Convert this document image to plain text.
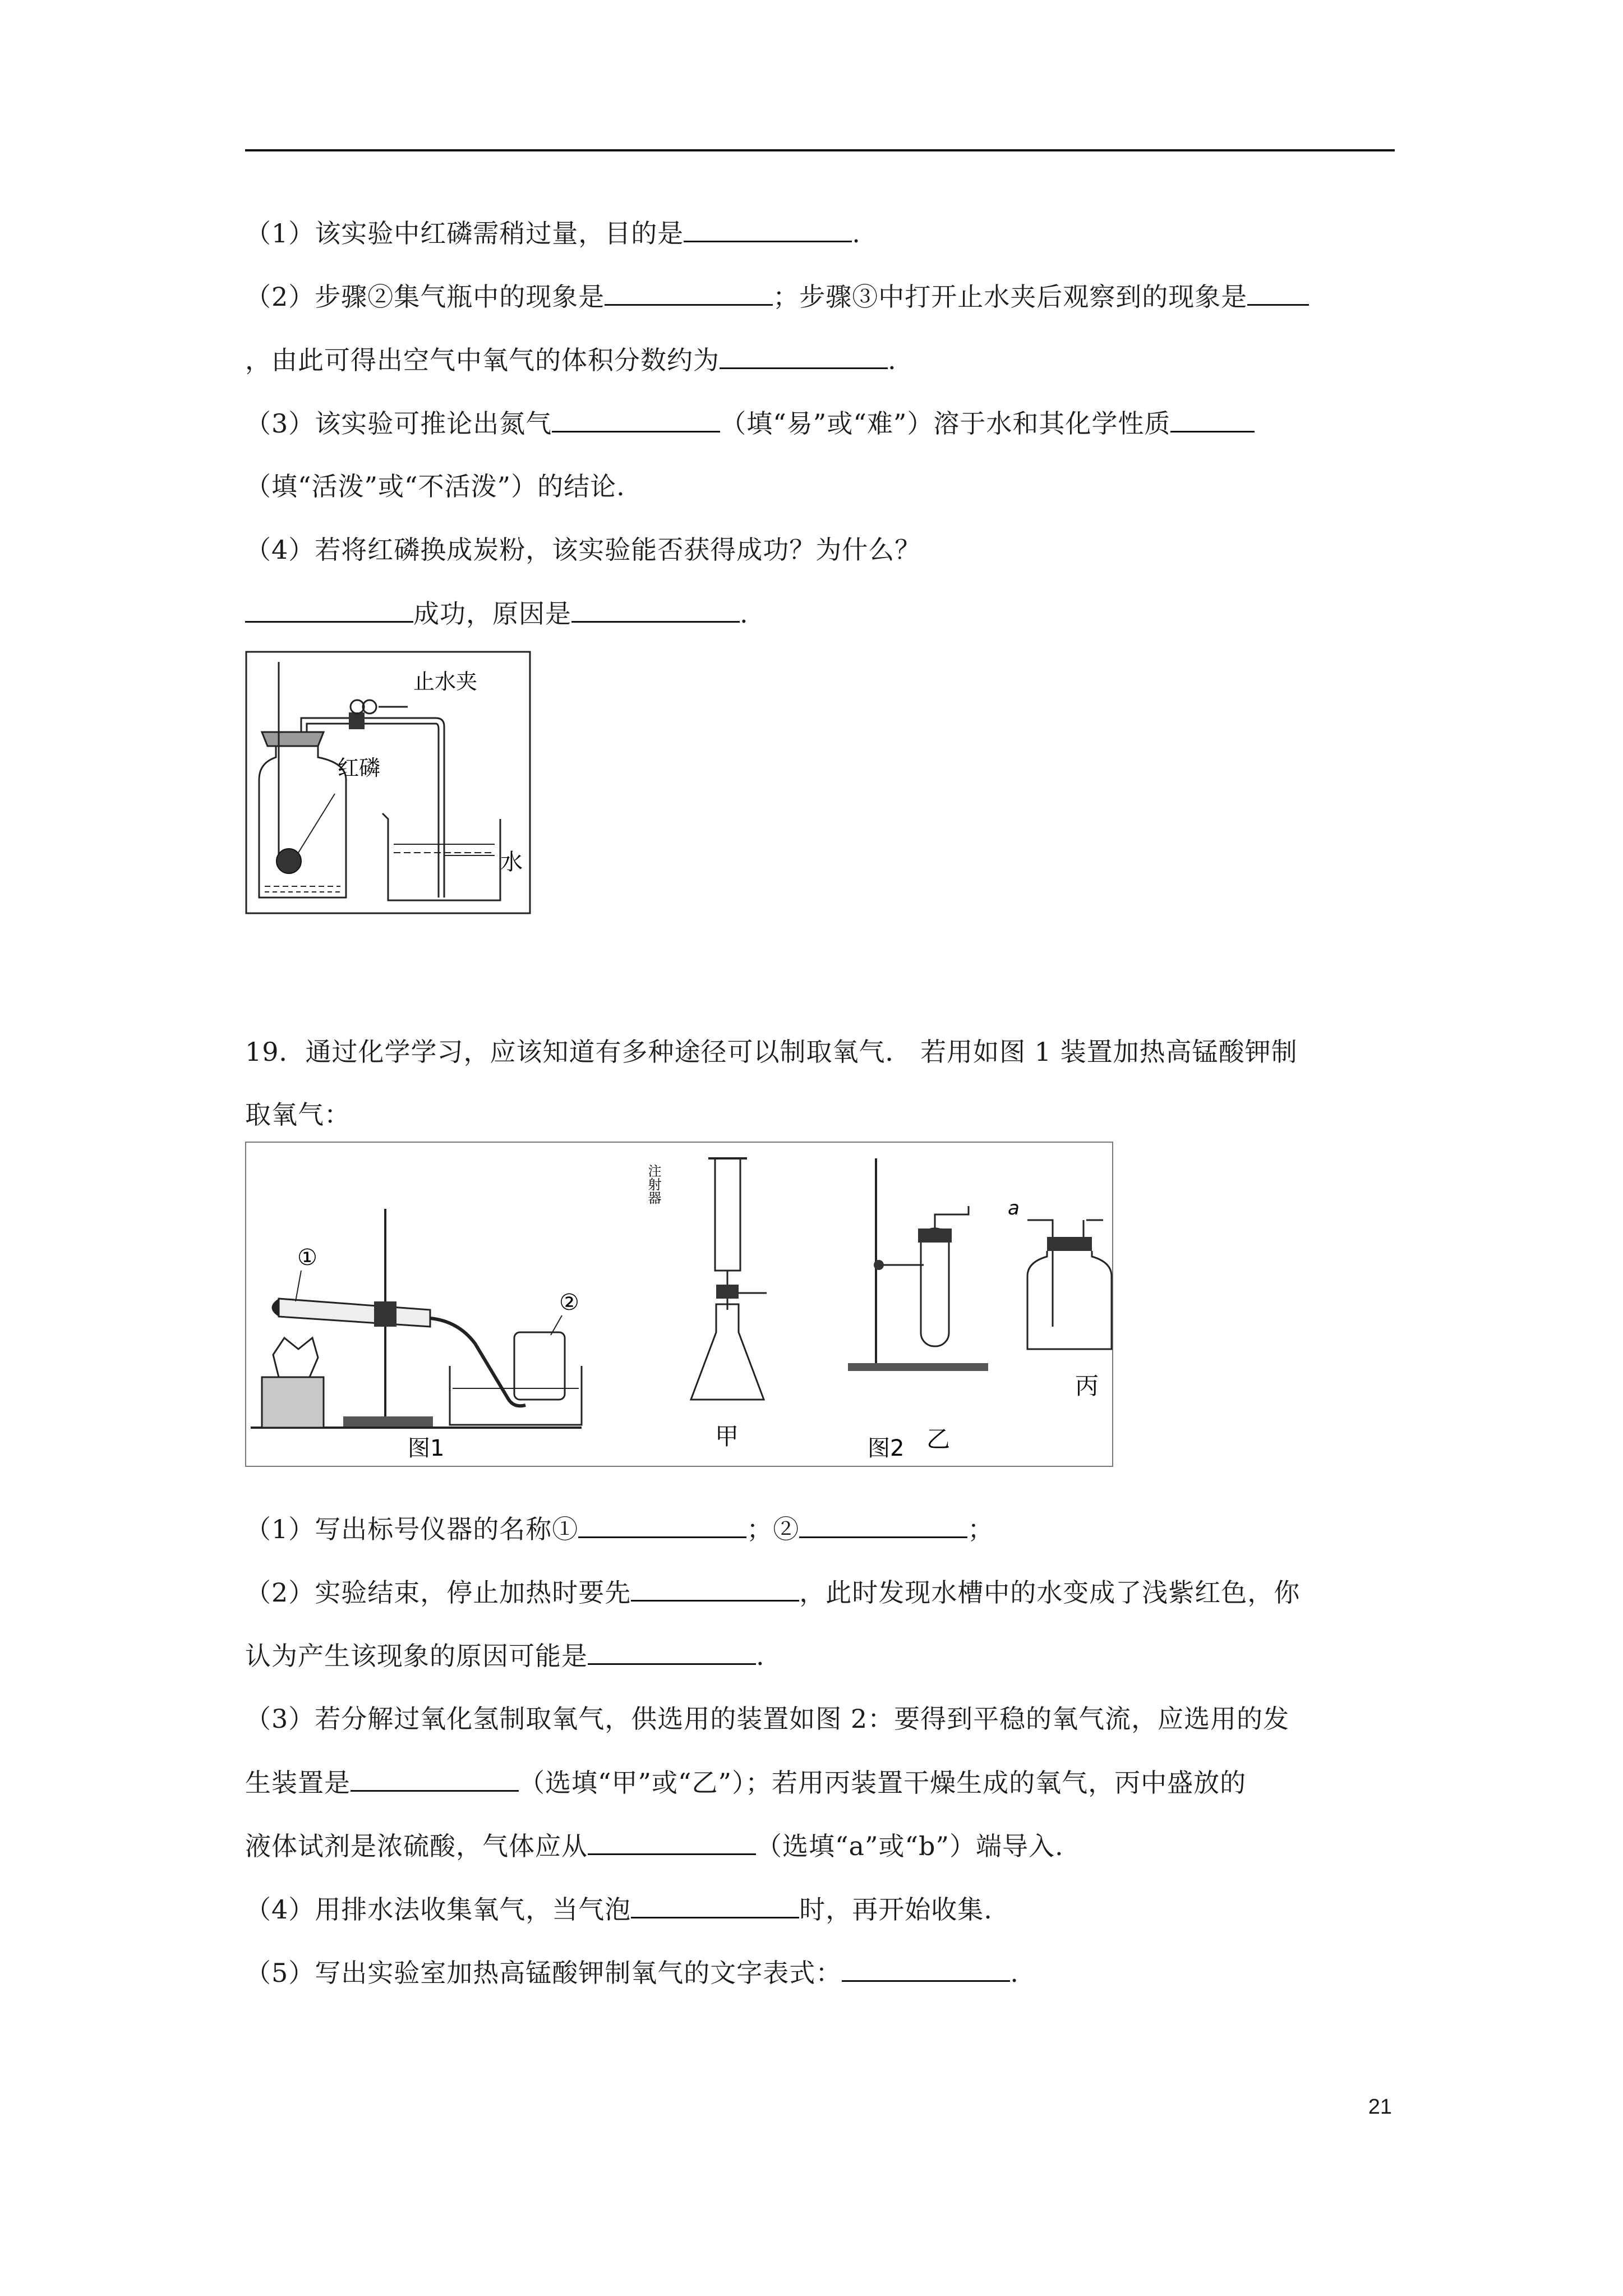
（1）该实验中红磷需稍过量，目的是	.
（2）步骤②集气瓶中的现象是	；步骤③中打开止水夹后观察到的现象是
，由此可得出空气中氧气的体积分数约为	.
（3）该实验可推论出氮气	（填“易”或“难”）溶于水和其化学性质
（填“活泼”或“不活泼”）的结论.
（4）若将红磷换成炭粉，该实验能否获得成功？为什么？
成功，原因是	.
止水夹
红磷
水
19．通过化学学习，应该知道有多种途径可以制取氧气． 若用如图 1 装置加热高锰酸钾制
取氧气：
①
②
图1
注射器
甲	乙
图2
a
丙
（1）写出标号仪器的名称①	；②	；
（2）实验结束，停止加热时要先	，此时发现水槽中的水变成了浅紫红色，你
认为产生该现象的原因可能是	.
（3）若分解过氧化氢制取氧气，供选用的装置如图 2：要得到平稳的氧气流，应选用的发
生装置是	（选填“甲”或“乙”）；若用丙装置干燥生成的氧气，丙中盛放的
液体试剂是浓硫酸，气体应从	（选填“a”或“b”）端导入.
（4）用排水法收集氧气，当气泡	时，再开始收集.
（5）写出实验室加热高锰酸钾制氧气的文字表式：	.
21
